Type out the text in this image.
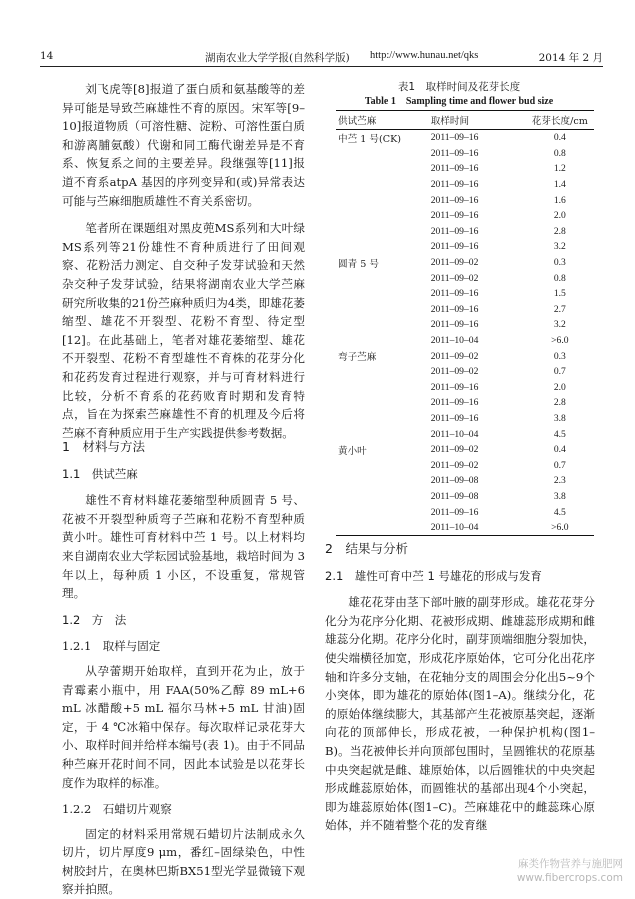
14	湖南农业大学学报(自然科学版) http://www.hunau.net/qks	2014 年 2 月

刘飞虎等[8]报道了蛋白质和氨基酸等的差异可能是导致苎麻雄性不育的原因。宋军等[9–10]报道物质（可溶性糖、淀粉、可溶性蛋白质和游离脯氨酸）代谢和同工酶代谢差异是不育系、恢复系之间的主要差异。段继强等[11]报道不育系atpA 基因的序列变异和(或)异常表达可能与苎麻细胞质雄性不育关系密切。

笔者所在课题组对黑皮蔸MS系列和大叶绿MS系列等21份雄性不育种质进行了田间观察、花粉活力测定、自交种子发芽试验和天然杂交种子发芽试验，结果将湖南农业大学苎麻研究所收集的21份苎麻种质归为4类，即雄花萎缩型、雄花不开裂型、花粉不育型、待定型[12]。在此基础上，笔者对雄花萎缩型、雄花不开裂型、花粉不育型雄性不育株的花芽分化和花药发育过程进行观察，并与可育材料进行比较，分析不育系的花药败育时期和发育特点，旨在为探索苎麻雄性不育的机理及今后将苎麻不育种质应用于生产实践提供参考数据。

1　材料与方法

1.1　供试苎麻

雄性不育材料雄花萎缩型种质圆青 5 号、花被不开裂型种质弯子苎麻和花粉不育型种质黄小叶。雄性可育材料中苎 1 号。以上材料均来自湖南农业大学耘园试验基地，栽培时间为 3 年以上，每种质 1 小区，不设重复，常规管理。

1.2　方　法

1.2.1　取样与固定

从孕蕾期开始取样，直到开花为止，放于青霉素小瓶中，用 FAA(50%乙醇 89 mL+6 mL 冰醋酸+5 mL 福尔马林+5 mL 甘油)固定，于 4 ℃冰箱中保存。每次取样记录花芽大小、取样时间并给样本编号(表 1)。由于不同品种苎麻开花时间不同，因此本试验是以花芽长度作为取样的标准。

1.2.2　石蜡切片观察

固定的材料采用常规石蜡切片法制成永久切片，切片厚度9 μm，番红–固绿染色，中性树胶封片，在奥林巴斯BX51型光学显微镜下观察并拍照。

表1　取样时间及花芽长度
Table 1　Sampling time and flower bud size
供试苎麻	取样时间	花芽长度/cm
中苎 1 号(CK)	2011–09–16	0.4
	2011–09–16	0.8
	2011–09–16	1.2
	2011–09–16	1.4
	2011–09–16	1.6
	2011–09–16	2.0
	2011–09–16	2.8
	2011–09–16	3.2
圆青 5 号	2011–09–02	0.3
	2011–09–02	0.8
	2011–09–16	1.5
	2011–09–16	2.7
	2011–09–16	3.2
	2011–10–04	>6.0
弯子苎麻	2011–09–02	0.3
	2011–09–02	0.7
	2011–09–16	2.0
	2011–09–16	2.8
	2011–09–16	3.8
	2011–10–04	4.5
黄小叶	2011–09–02	0.4
	2011–09–02	0.7
	2011–09–08	2.3
	2011–09–08	3.8
	2011–09–16	4.5
	2011–10–04	>6.0

2　结果与分析

2.1　雄性可育中苎 1 号雄花的形成与发育

雄花花芽由茎下部叶腋的副芽形成。雄花花芽分化分为花序分化期、花被形成期、雌雄蕊形成期和雌雄蕊分化期。花序分化时，副芽顶端细胞分裂加快，使尖端横径加宽，形成花序原始体，它可分化出花序轴和许多分支轴，在花轴分支的周围会分化出5~9个小突体，即为雄花的原始体(图1–A)。继续分化，花的原始体继续膨大，其基部产生花被原基突起，逐渐向花的顶部伸长，形成花被，一种保护机构(图1–B)。当花被伸长并向顶部包围时，呈圆锥状的花原基中央突起就是雌、雄原始体，以后圆锥状的中央突起形成雌蕊原始体，而圆锥状的基部出现4个小突起，即为雄蕊原始体(图1–C)。苎麻雄花中的雌蕊珠心原始体，并不随着整个花的发育继

麻类作物营养与施肥网
www.fibercrops.com
